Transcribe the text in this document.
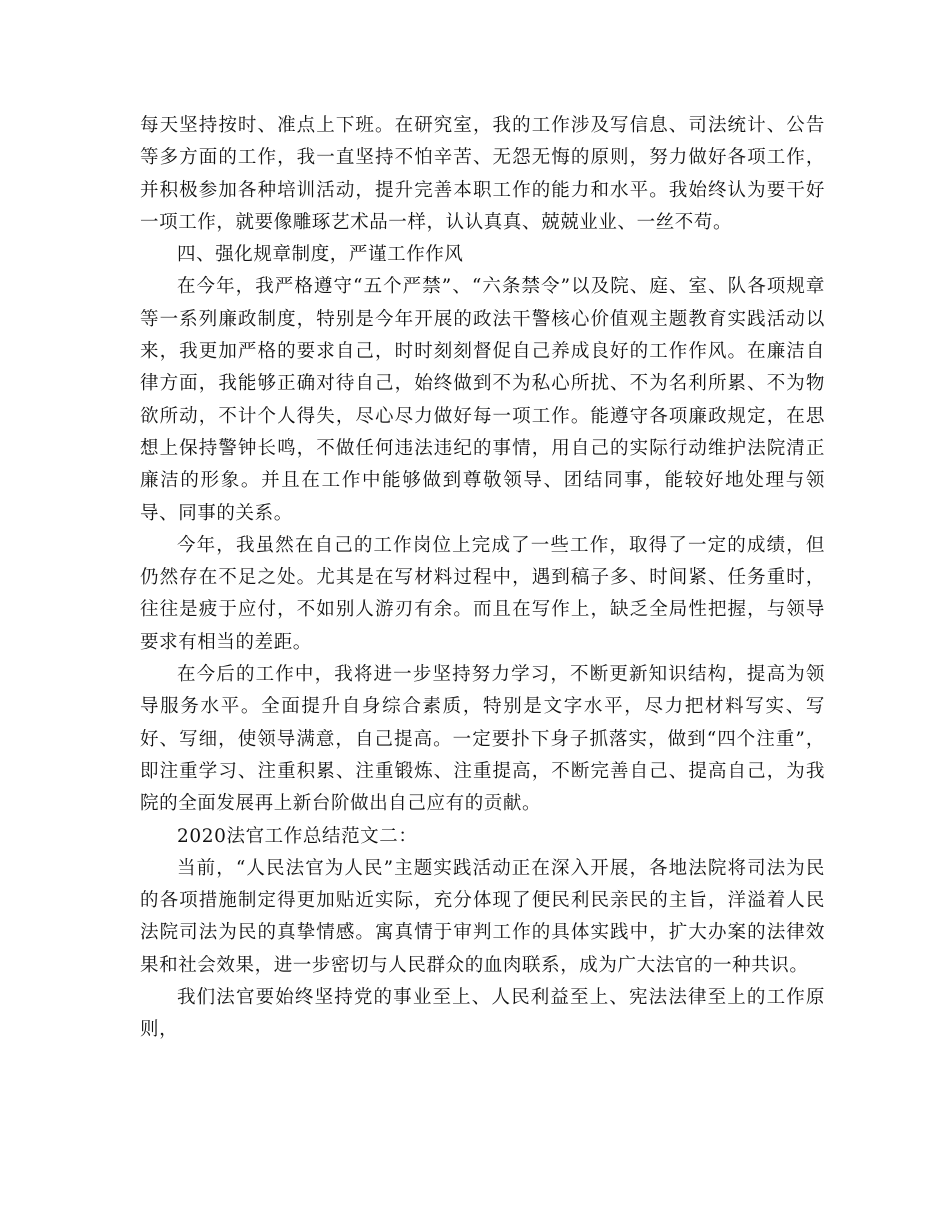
每天坚持按时、准点上下班。在研究室，我的工作涉及写信息、司法统计、公告等多方面的工作，我一直坚持不怕辛苦、无怨无悔的原则，努力做好各项工作，并积极参加各种培训活动，提升完善本职工作的能力和水平。我始终认为要干好一项工作，就要像雕琢艺术品一样，认认真真、兢兢业业、一丝不苟。

四、强化规章制度，严谨工作作风

在今年，我严格遵守“五个严禁”、“六条禁令”以及院、庭、室、队各项规章等一系列廉政制度，特别是今年开展的政法干警核心价值观主题教育实践活动以来，我更加严格的要求自己，时时刻刻督促自己养成良好的工作作风。在廉洁自律方面，我能够正确对待自己，始终做到不为私心所扰、不为名利所累、不为物欲所动，不计个人得失，尽心尽力做好每一项工作。能遵守各项廉政规定，在思想上保持警钟长鸣，不做任何违法违纪的事情，用自己的实际行动维护法院清正廉洁的形象。并且在工作中能够做到尊敬领导、团结同事，能较好地处理与领导、同事的关系。

今年，我虽然在自己的工作岗位上完成了一些工作，取得了一定的成绩，但仍然存在不足之处。尤其是在写材料过程中，遇到稿子多、时间紧、任务重时，往往是疲于应付，不如别人游刃有余。而且在写作上，缺乏全局性把握，与领导要求有相当的差距。

在今后的工作中，我将进一步坚持努力学习，不断更新知识结构，提高为领导服务水平。全面提升自身综合素质，特别是文字水平，尽力把材料写实、写好、写细，使领导满意，自己提高。一定要扑下身子抓落实，做到“四个注重”，即注重学习、注重积累、注重锻炼、注重提高，不断完善自己、提高自己，为我院的全面发展再上新台阶做出自己应有的贡献。

2020法官工作总结范文二：

当前，“人民法官为人民”主题实践活动正在深入开展，各地法院将司法为民的各项措施制定得更加贴近实际，充分体现了便民利民亲民的主旨，洋溢着人民法院司法为民的真挚情感。寓真情于审判工作的具体实践中，扩大办案的法律效果和社会效果，进一步密切与人民群众的血肉联系，成为广大法官的一种共识。

我们法官要始终坚持党的事业至上、人民利益至上、宪法法律至上的工作原则，
